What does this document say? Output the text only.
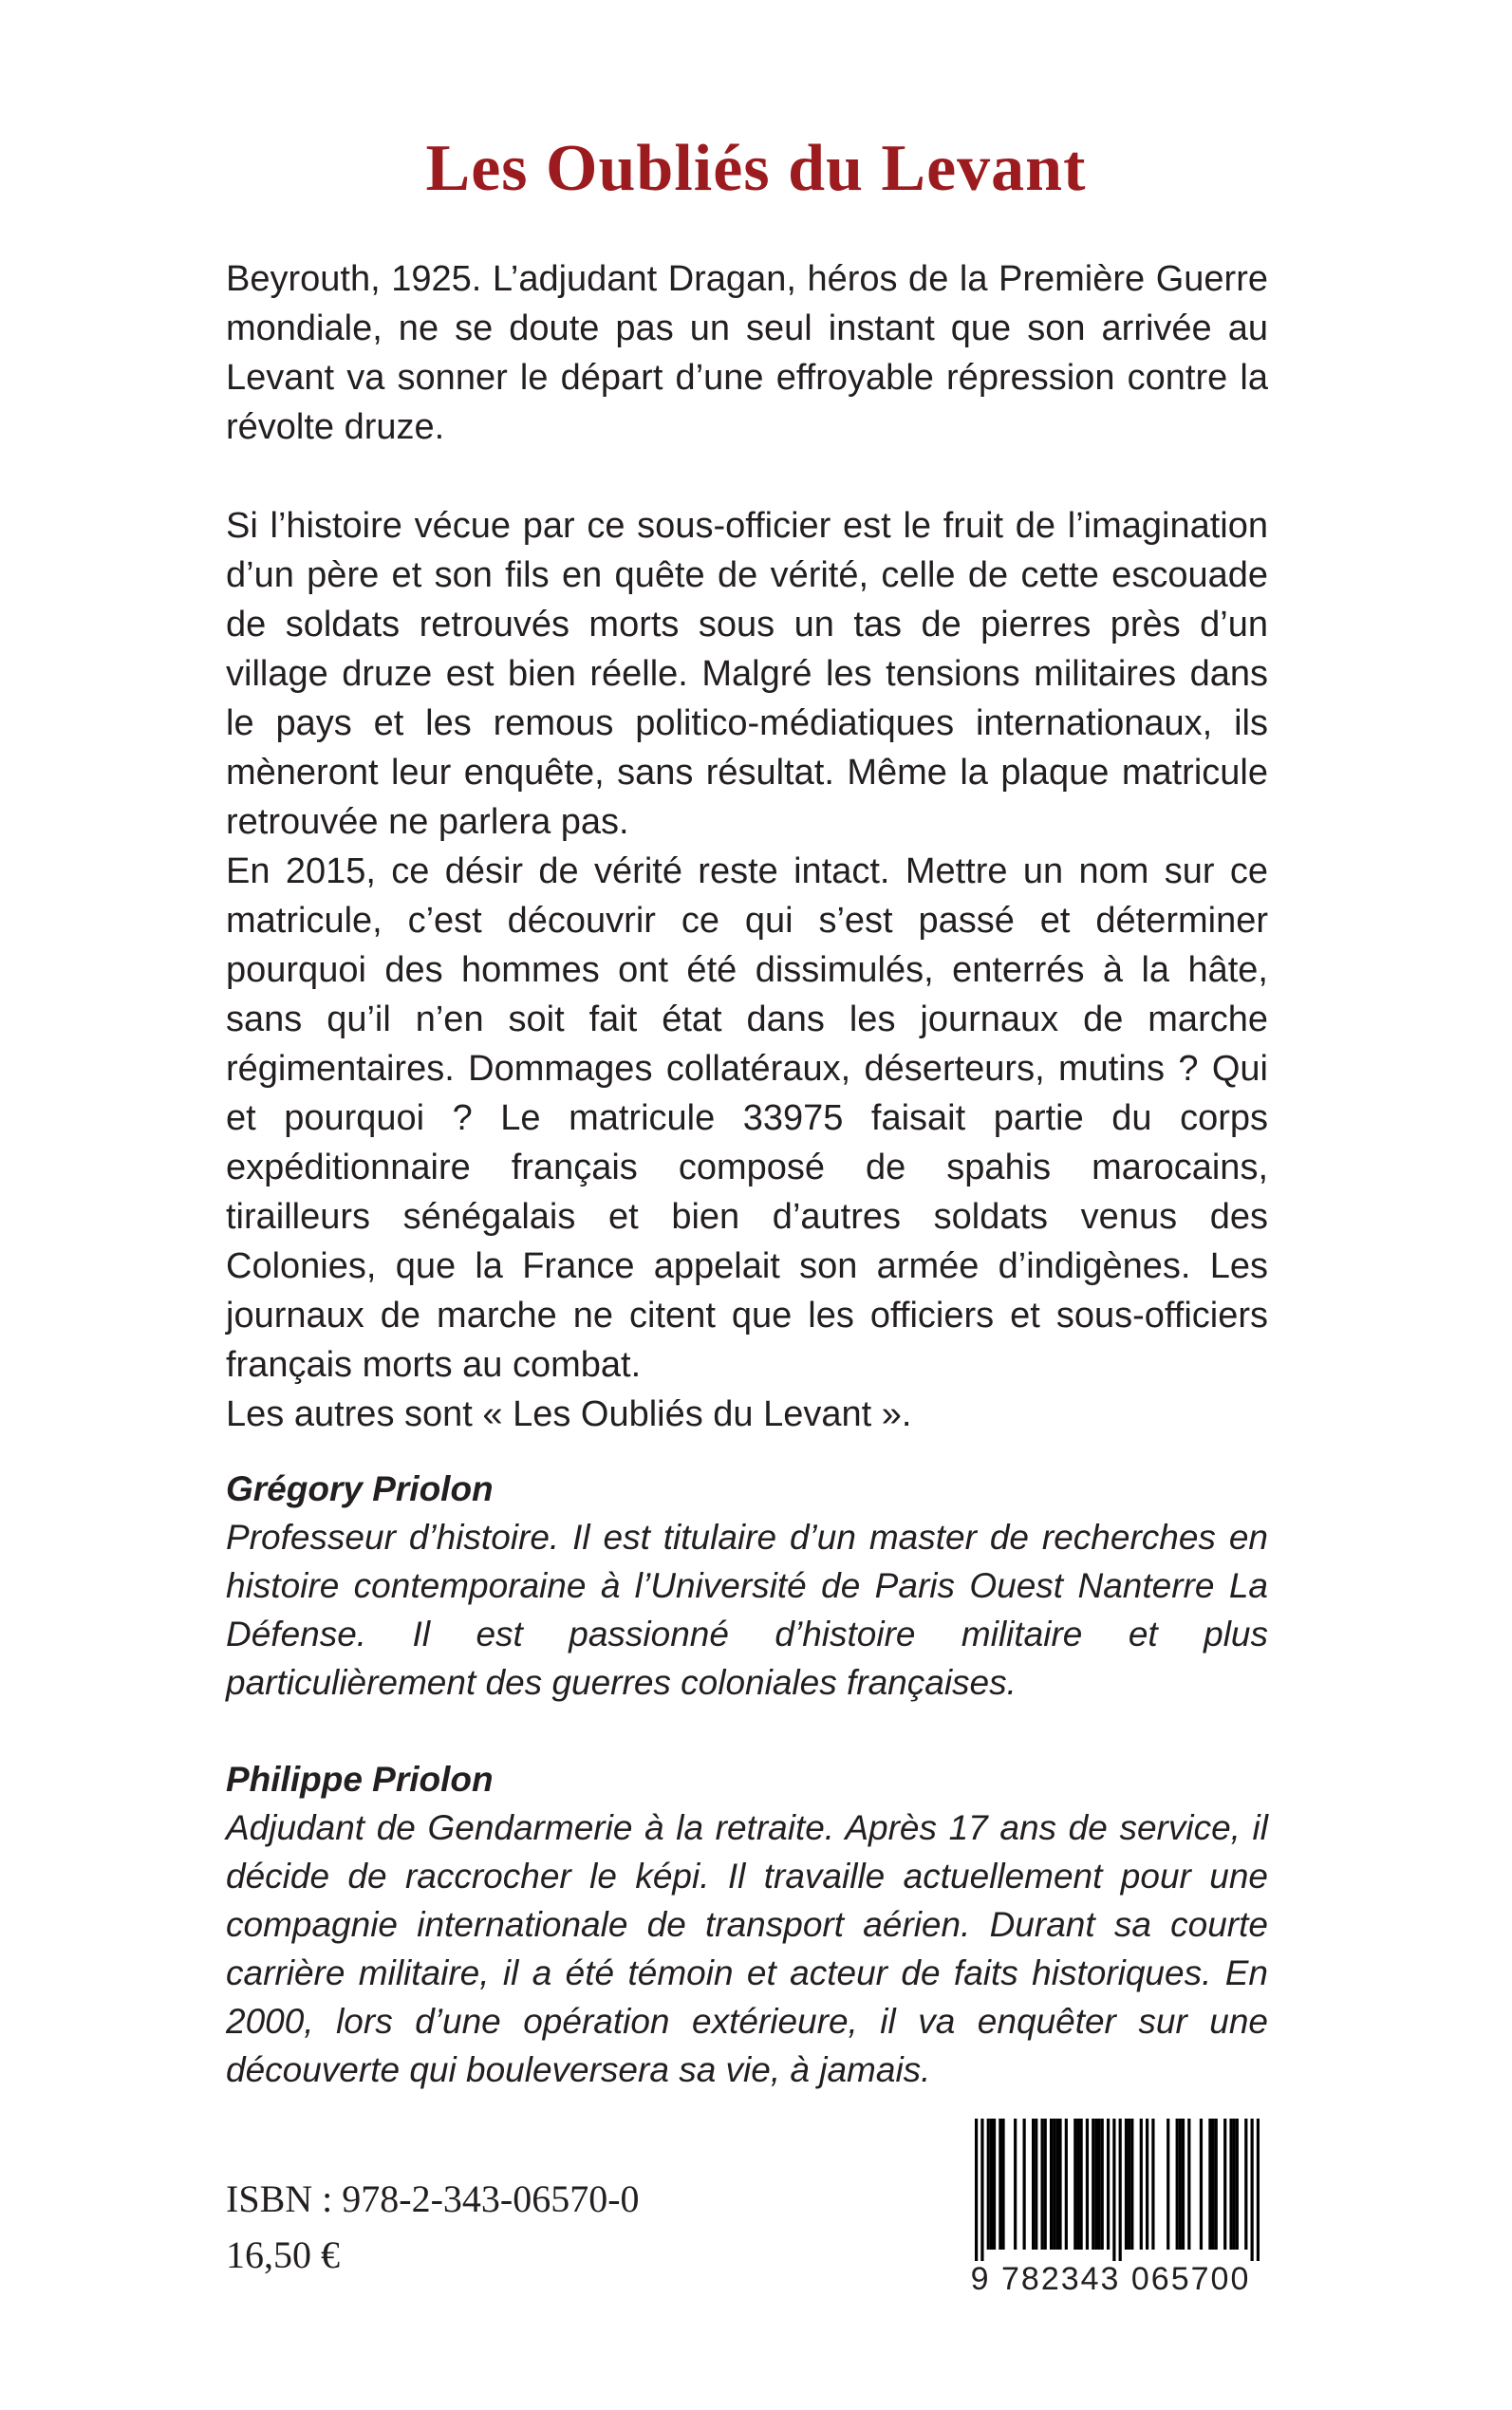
Les Oubliés du Levant

Beyrouth, 1925. L’adjudant Dragan, héros de la Première Guerre mondiale, ne se doute pas un seul instant que son arrivée au Levant va sonner le départ d’une effroyable répression contre la révolte druze.

Si l’histoire vécue par ce sous-officier est le fruit de l’imagination d’un père et son fils en quête de vérité, celle de cette escouade de soldats retrouvés morts sous un tas de pierres près d’un village druze est bien réelle. Malgré les tensions militaires dans le pays et les remous politico-médiatiques internationaux, ils mèneront leur enquête, sans résultat. Même la plaque matricule retrouvée ne parlera pas.

En 2015, ce désir de vérité reste intact. Mettre un nom sur ce matricule, c’est découvrir ce qui s’est passé et déterminer pourquoi des hommes ont été dissimulés, enterrés à la hâte, sans qu’il n’en soit fait état dans les journaux de marche régimentaires. Dommages collatéraux, déserteurs, mutins ? Qui et pourquoi ? Le matricule 33975 faisait partie du corps expéditionnaire français composé de spahis marocains, tirailleurs sénégalais et bien d’autres soldats venus des Colonies, que la France appelait son armée d’indigènes. Les journaux de marche ne citent que les officiers et sous-officiers français morts au combat.

Les autres sont « Les Oubliés du Levant ».

Grégory Priolon

Professeur d’histoire. Il est titulaire d’un master de recherches en histoire contemporaine à l’Université de Paris Ouest Nanterre La Défense. Il est passionné d’histoire militaire et plus particulièrement des guerres coloniales françaises.

Philippe Priolon

Adjudant de Gendarmerie à la retraite. Après 17 ans de service, il décide de raccrocher le képi. Il travaille actuellement pour une compagnie internationale de transport aérien. Durant sa courte carrière militaire, il a été témoin et acteur de faits historiques. En 2000, lors d’une opération extérieure, il va enquêter sur une découverte qui bouleversera sa vie, à jamais.

ISBN : 978-2-343-06570-0

16,50 €

9 782343 065700
